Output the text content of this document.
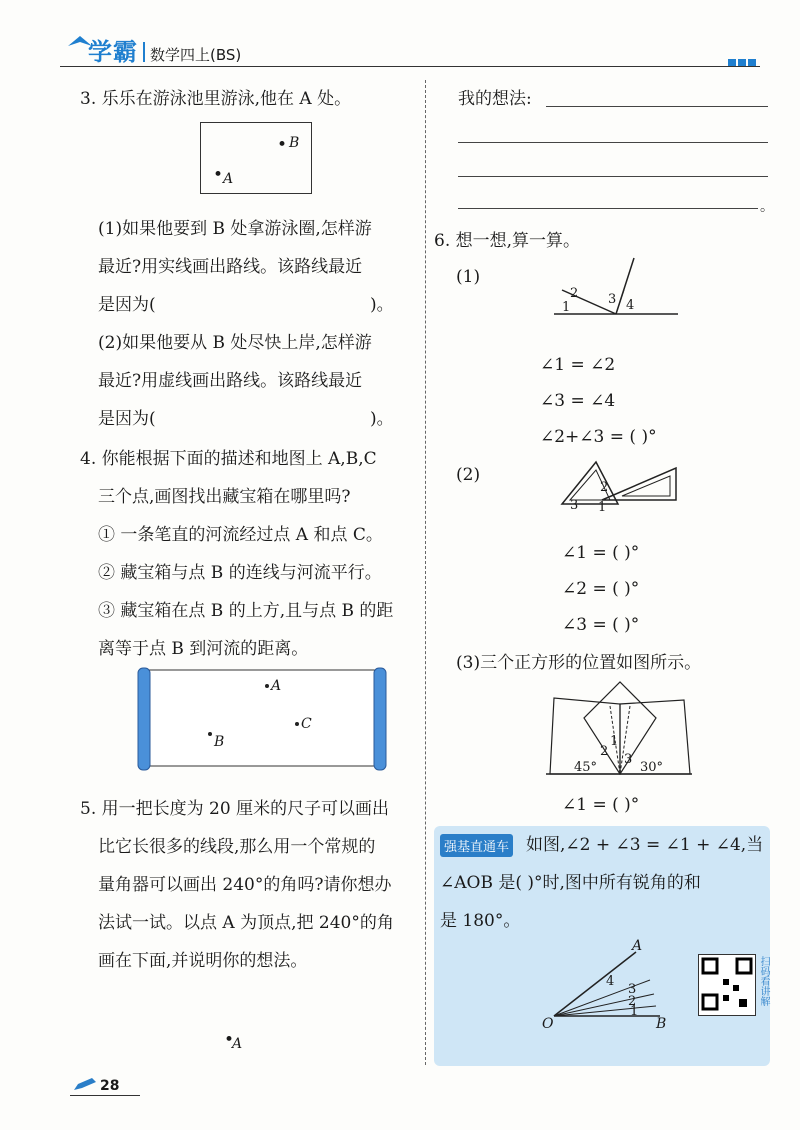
学霸 数学四上(BS)
3. 乐乐在游泳池里游泳,他在 A 处。
• B
• A
(1)如果他要到 B 处拿游泳圈,怎样游
最近?用实线画出路线。该路线最近
是因为(	)。
(2)如果他要从 B 处尽快上岸,怎样游
最近?用虚线画出路线。该路线最近
是因为(	)。
4. 你能根据下面的描述和地图上 A,B,C
三个点,画图找出藏宝箱在哪里吗?
① 一条笔直的河流经过点 A 和点 C。
② 藏宝箱与点 B 的连线与河流平行。
③ 藏宝箱在点 B 的上方,且与点 B 的距
离等于点 B 到河流的距离。
A
C
B
5. 用一把长度为 20 厘米的尺子可以画出
比它长很多的线段,那么用一个常规的
量角器可以画出 240°的角吗?请你想办
法试一试。以点 A 为顶点,把 240°的角
画在下面,并说明你的想法。
•
A
我的想法:
。
6. 想一想,算一算。
(1)
2 3
1	4
∠1 = ∠2
∠3 = ∠4
∠2+∠3 = ( )°
(2)
2
3 1
∠1 = ( )°
∠2 = ( )°
∠3 = ( )°
(3)三个正方形的位置如图所示。
1
2
3
45°	30°
∠1 = ( )°
强基直通车 如图,∠2 + ∠3 = ∠1 + ∠4,当
∠AOB 是( )°时,图中所有锐角的和
是 180°。
A
O	B
4
3
2
1
扫码看讲解
28
